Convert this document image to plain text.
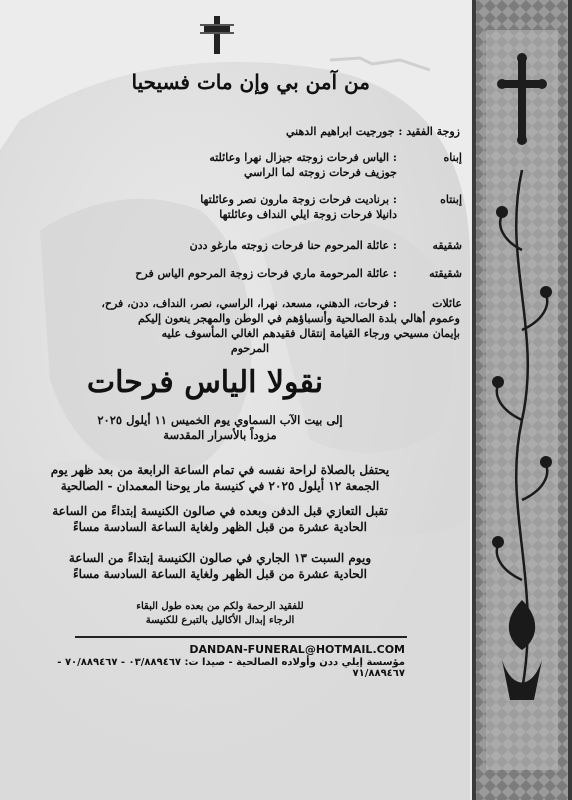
من آمن بي وإن مات فسيحيا
زوجة الفقيد : جورجيت ابراهيم الدهني
إبناه
: الياس فرحات زوجته جيزال نهرا وعائلته
جوزيف فرحات زوجته لما الراسي
إبنتاه
: برناديت فرحات زوجة مارون نصر وعائلتها
دانيلا فرحات زوجة ايلي النداف وعائلتها
شقيقه
: عائلة المرحوم حنا فرحات زوجته مارغو ددن
شقيقته
: عائلة المرحومة ماري فرحات زوجة المرحوم الياس فرح
عائلات
: فرحات، الدهني، مسعد، نهرا، الراسي، نصر، النداف، ددن، فرح،
وعموم أهالي بلدة الصالحية وأنسباؤهم في الوطن والمهجر ينعون إليكم
بإيمان مسيحي ورجاء القيامة إنتقال فقيدهم الغالي المأسوف عليه
المرحوم
نقولا الياس فرحات
إلى بيت الآب السماوي يوم الخميس ١١ أيلول ٢٠٢٥
مزوداً بالأسرار المقدسة
يحتفل بالصلاة لراحة نفسه في تمام الساعة الرابعة من بعد ظهر يوم
الجمعة ١٢ أيلول ٢٠٢٥ في كنيسة مار يوحنا المعمدان - الصالحية
تقبل التعازي قبل الدفن وبعده في صالون الكنيسة إبتداءً من الساعة
الحادية عشرة من قبل الظهر ولغاية الساعة السادسة مساءً
ويوم السبت ١٣ الجاري في صالون الكنيسة إبتداءً من الساعة
الحادية عشرة من قبل الظهر ولغاية الساعة السادسة مساءً
للفقيد الرحمة ولكم من بعده طول البقاء
الرجاء إبدال الأكاليل بالتبرع للكنيسة
DANDAN-FUNERAL@HOTMAIL.COM
مؤسسة إيلي ددن وأولاده الصالحية - صيدا ت: ٠٣/٨٨٩٤٦٧ - ٧٠/٨٨٩٤٦٧ - ٧١/٨٨٩٤٦٧
